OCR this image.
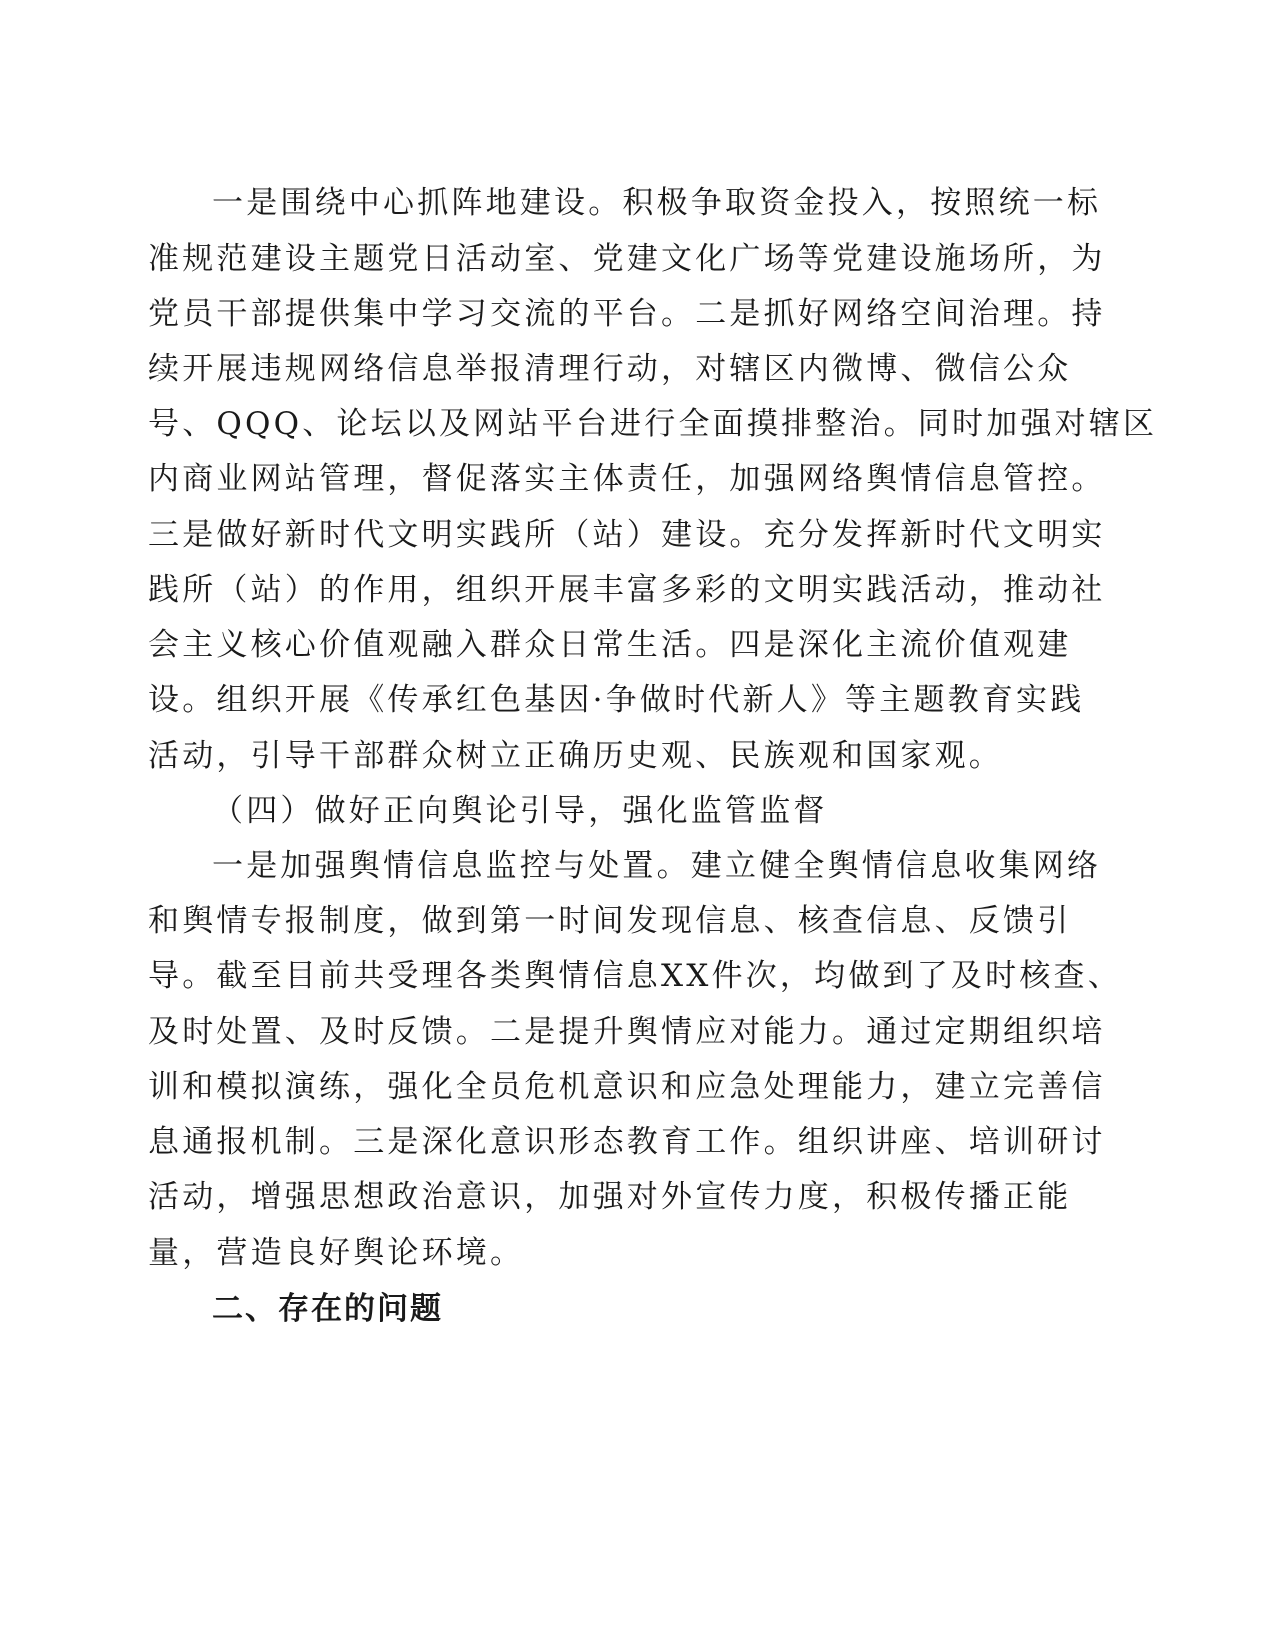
一是围绕中心抓阵地建设。积极争取资金投入，按照统一标

准规范建设主题党日活动室、党建文化广场等党建设施场所，为

党员干部提供集中学习交流的平台。二是抓好网络空间治理。持

续开展违规网络信息举报清理行动，对辖区内微博、微信公众

号、QQQ、论坛以及网站平台进行全面摸排整治。同时加强对辖区

内商业网站管理，督促落实主体责任，加强网络舆情信息管控。

三是做好新时代文明实践所（站）建设。充分发挥新时代文明实

践所（站）的作用，组织开展丰富多彩的文明实践活动，推动社

会主义核心价值观融入群众日常生活。四是深化主流价值观建

设。组织开展《传承红色基因·争做时代新人》等主题教育实践

活动，引导干部群众树立正确历史观、民族观和国家观。

（四）做好正向舆论引导，强化监管监督

一是加强舆情信息监控与处置。建立健全舆情信息收集网络

和舆情专报制度，做到第一时间发现信息、核查信息、反馈引

导。截至目前共受理各类舆情信息XX件次，均做到了及时核查、

及时处置、及时反馈。二是提升舆情应对能力。通过定期组织培

训和模拟演练，强化全员危机意识和应急处理能力，建立完善信

息通报机制。三是深化意识形态教育工作。组织讲座、培训研讨

活动，增强思想政治意识，加强对外宣传力度，积极传播正能

量，营造良好舆论环境。

二、存在的问题
